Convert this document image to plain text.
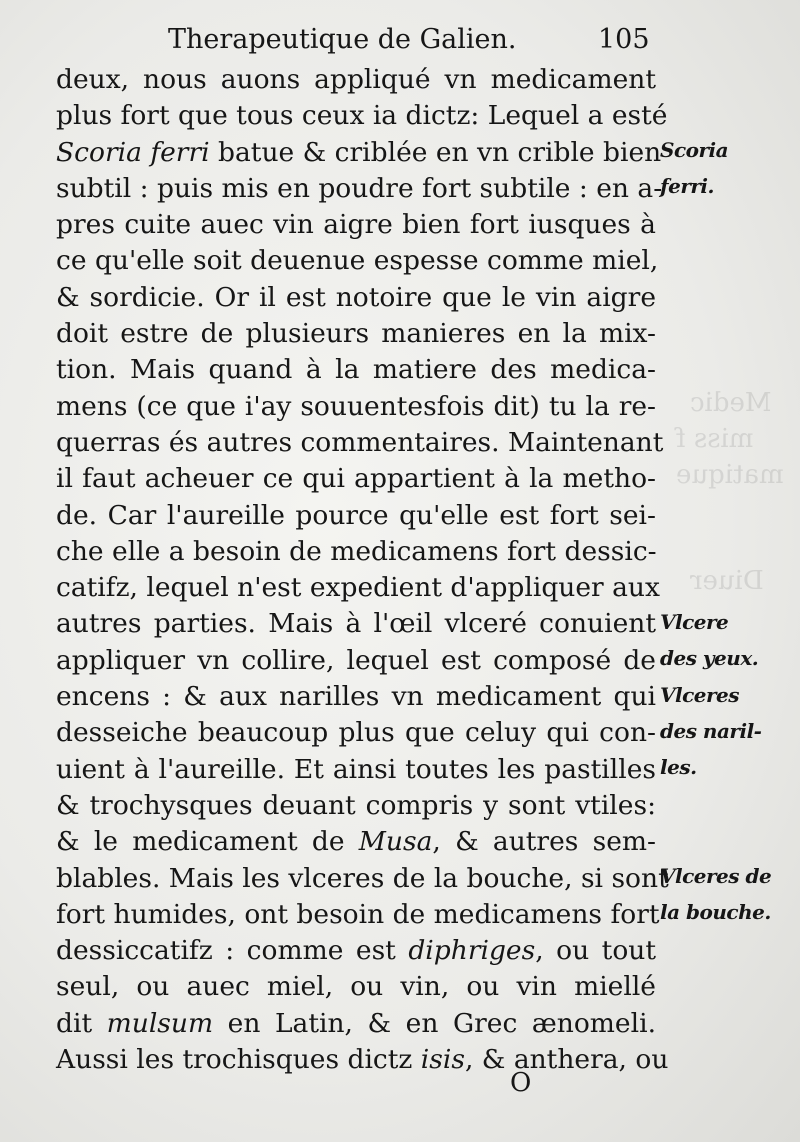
Medic
miss f
matique
Diuer
Therapeutique de Galien.	105
deux, nous auons appliqué vn medicament
plus fort que tous ceux ia dictz: Lequel a esté
Scoria ferri batue & criblée en vn crible bien
subtil : puis mis en poudre fort subtile : en a-
pres cuite auec vin aigre bien fort iusques à
ce qu'elle soit deuenue espesse comme miel,
& sordicie. Or il est notoire que le vin aigre
doit estre de plusieurs manieres en la mix-
tion. Mais quand à la matiere des medica-
mens (ce que i'ay souuentesfois dit) tu la re-
querras és autres commentaires. Maintenant
il faut acheuer ce qui appartient à la metho-
de. Car l'aureille pource qu'elle est fort sei-
che elle a besoin de medicamens fort dessic-
catifz, lequel n'est expedient d'appliquer aux
autres parties. Mais à l'œil vlceré conuient
appliquer vn collire, lequel est composé de
encens : & aux narilles vn medicament qui
desseiche beaucoup plus que celuy qui con-
uient à l'aureille. Et ainsi toutes les pastilles
& trochysques deuant compris y sont vtiles:
& le medicament de Musa, & autres sem-
blables. Mais les vlceres de la bouche, si sont
fort humides, ont besoin de medicamens fort
dessiccatifz : comme est diphriges, ou tout
seul, ou auec miel, ou vin, ou vin miellé
dit mulsum en Latin, & en Grec ænomeli.
Aussi les trochisques dictz isis, & anthera, ou
Scoria
ferri.
Vlcere
des yeux.
Vlceres
des naril-
les.
Vlceres de
la bouche.
O
